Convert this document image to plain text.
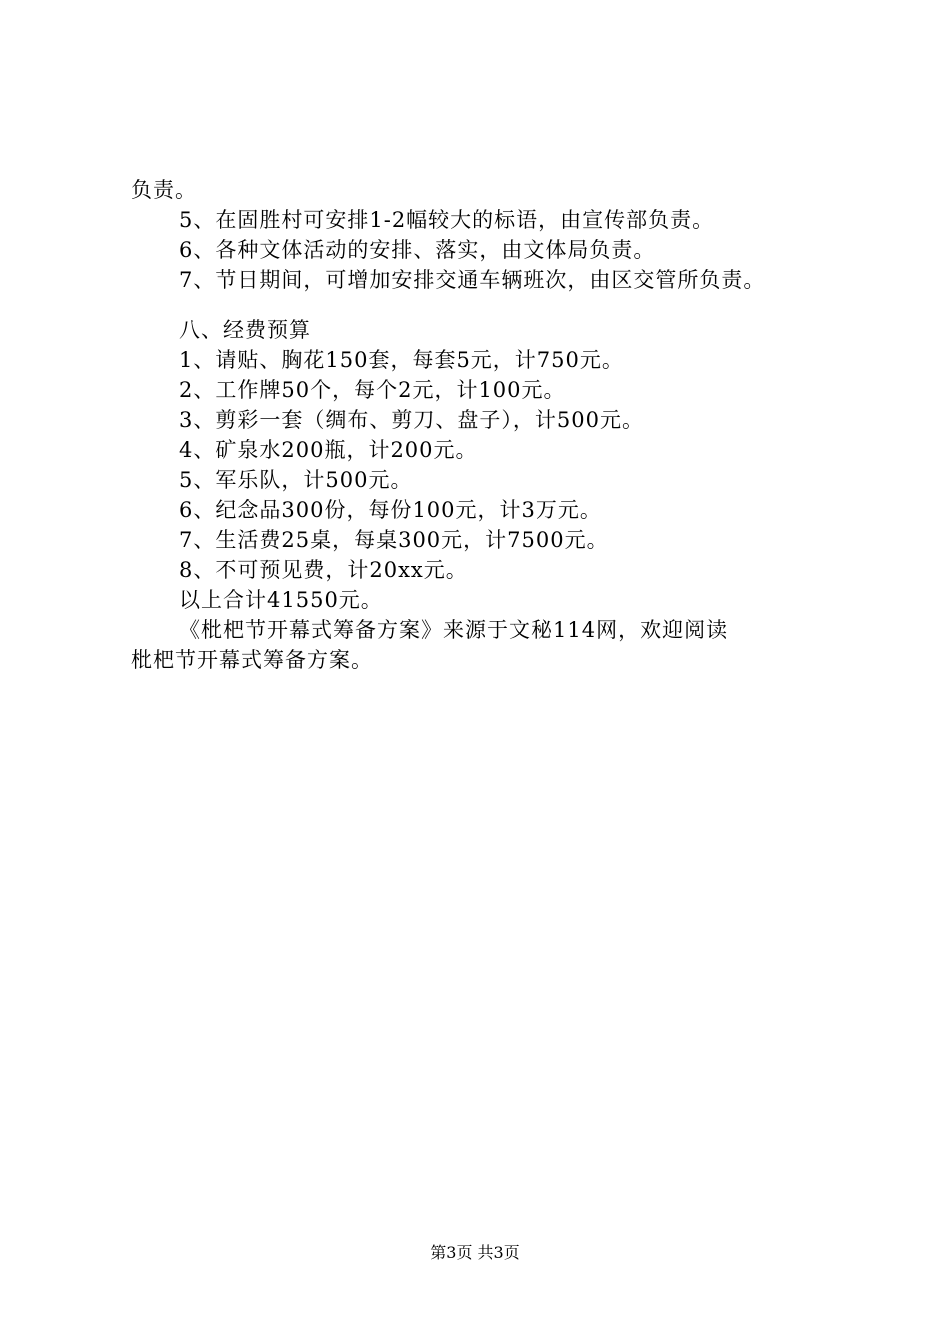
负责。
5、在固胜村可安排1-2幅较大的标语，由宣传部负责。
6、各种文体活动的安排、落实，由文体局负责。
7、节日期间，可增加安排交通车辆班次，由区交管所负责。
八、经费预算
1、请贴、胸花150套，每套5元，计750元。
2、工作牌50个，每个2元，计100元。
3、剪彩一套（绸布、剪刀、盘子），计500元。
4、矿泉水200瓶，计200元。
5、军乐队，计500元。
6、纪念品300份，每份100元，计3万元。
7、生活费25桌，每桌300元，计7500元。
8、不可预见费，计20xx元。
以上合计41550元。
《枇杷节开幕式筹备方案》来源于文秘114网，欢迎阅读
枇杷节开幕式筹备方案。
第3页 共3页
